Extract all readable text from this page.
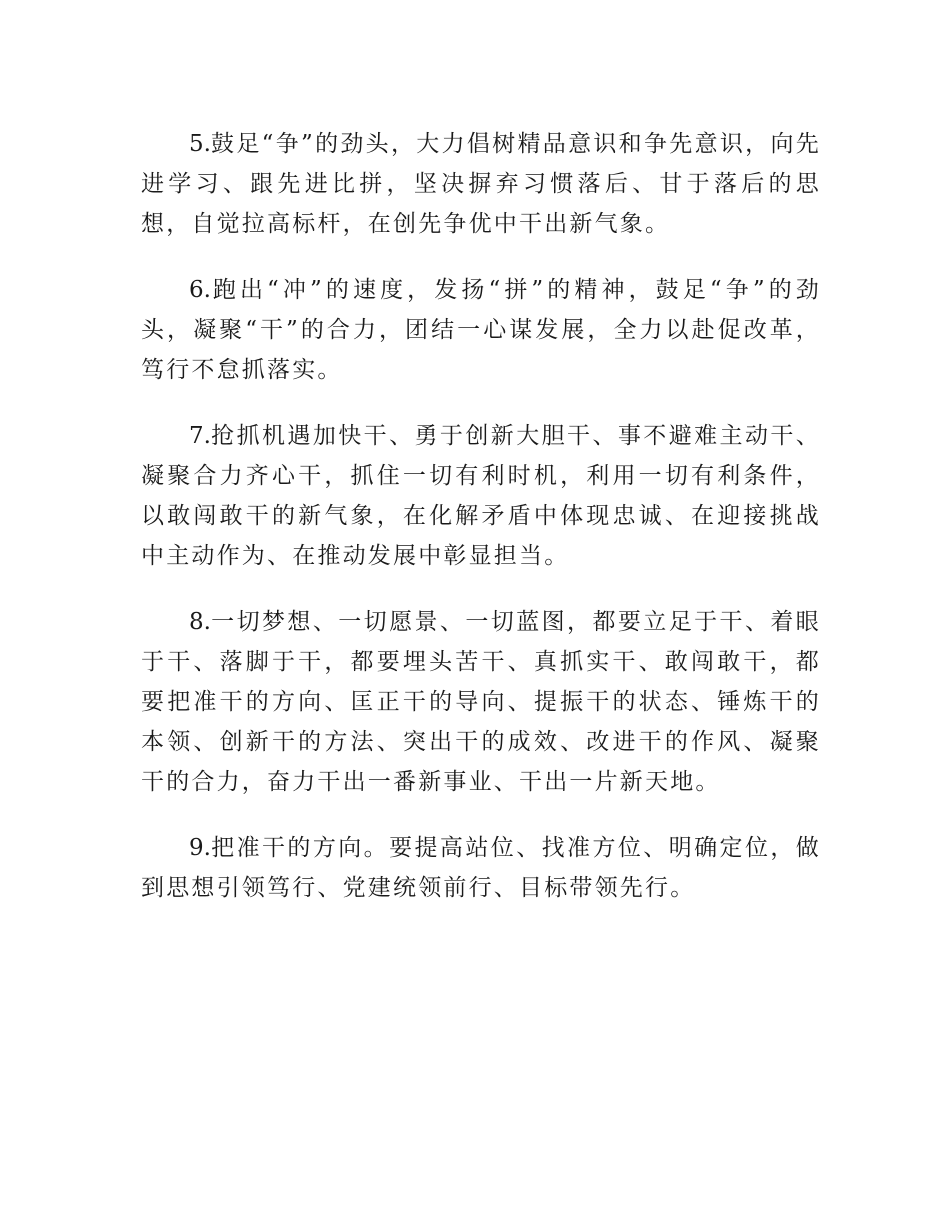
5.鼓足“争”的劲头，大力倡树精品意识和争先意识，向先进学习、跟先进比拼，坚决摒弃习惯落后、甘于落后的思想，自觉拉高标杆，在创先争优中干出新气象。

6.跑出“冲”的速度，发扬“拼”的精神，鼓足“争”的劲头，凝聚“干”的合力，团结一心谋发展，全力以赴促改革，笃行不怠抓落实。

7.抢抓机遇加快干、勇于创新大胆干、事不避难主动干、凝聚合力齐心干，抓住一切有利时机，利用一切有利条件，以敢闯敢干的新气象，在化解矛盾中体现忠诚、在迎接挑战中主动作为、在推动发展中彰显担当。

8.一切梦想、一切愿景、一切蓝图，都要立足于干、着眼于干、落脚于干，都要埋头苦干、真抓实干、敢闯敢干，都要把准干的方向、匡正干的导向、提振干的状态、锤炼干的本领、创新干的方法、突出干的成效、改进干的作风、凝聚干的合力，奋力干出一番新事业、干出一片新天地。

9.把准干的方向。要提高站位、找准方位、明确定位，做到思想引领笃行、党建统领前行、目标带领先行。
